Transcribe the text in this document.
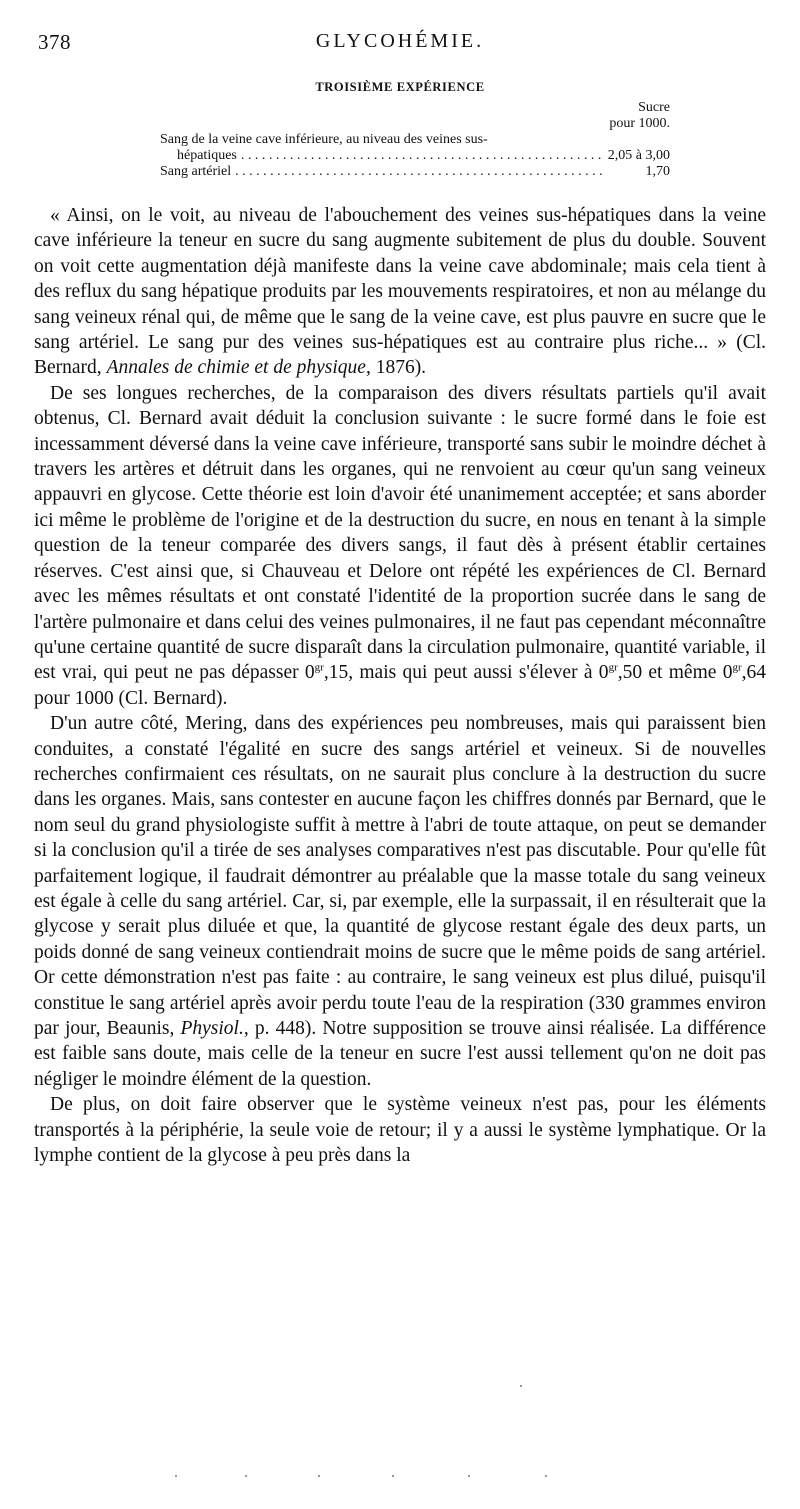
378	GLYCOHÉMIE.
TROISIÈME EXPÉRIENCE
Sucre
pour 1000.
Sang de la veine cave inférieure, au niveau des veines sus-
hépatiques . . .	2,05 à 3,00
Sang artériel . . .	1,70

« Ainsi, on le voit, au niveau de l'abouchement des veines sus-hépatiques dans la veine cave inférieure la teneur en sucre du sang augmente subitement de plus du double. Souvent on voit cette augmentation déjà manifeste dans la veine cave abdominale; mais cela tient à des reflux du sang hépatique produits par les mouvements respiratoires, et non au mélange du sang veineux rénal qui, de même que le sang de la veine cave, est plus pauvre en sucre que le sang artériel. Le sang pur des veines sus-hépatiques est au contraire plus riche... » (Cl. Bernard, Annales de chimie et de physique, 1876).

De ses longues recherches, de la comparaison des divers résultats partiels qu'il avait obtenus, Cl. Bernard avait déduit la conclusion suivante : le sucre formé dans le foie est incessamment déversé dans la veine cave inférieure, transporté sans subir le moindre déchet à travers les artères et détruit dans les organes, qui ne renvoient au cœur qu'un sang veineux appauvri en glycose. Cette théorie est loin d'avoir été unanimement acceptée; et sans aborder ici même le problème de l'origine et de la destruction du sucre, en nous en tenant à la simple question de la teneur comparée des divers sangs, il faut dès à présent établir certaines réserves. C'est ainsi que, si Chauveau et Delore ont répété les expériences de Cl. Bernard avec les mêmes résultats et ont constaté l'identité de la proportion sucrée dans le sang de l'artère pulmonaire et dans celui des veines pulmonaires, il ne faut pas cependant méconnaître qu'une certaine quantité de sucre disparaît dans la circulation pulmonaire, quantité variable, il est vrai, qui peut ne pas dépasser $0^{gr},15$, mais qui peut aussi s'élever à $0^{gr},50$ et même $0^{gr},64$ pour 1000 (Cl. Bernard).

D'un autre côté, Mering, dans des expériences peu nombreuses, mais qui paraissent bien conduites, a constaté l'égalité en sucre des sangs artériel et veineux. Si de nouvelles recherches confirmaient ces résultats, on ne saurait plus conclure à la destruction du sucre dans les organes. Mais, sans contester en aucune façon les chiffres donnés par Bernard, que le nom seul du grand physiologiste suffit à mettre à l'abri de toute attaque, on peut se demander si la conclusion qu'il a tirée de ses analyses comparatives n'est pas discutable. Pour qu'elle fût parfaitement logique, il faudrait démontrer au préalable que la masse totale du sang veineux est égale à celle du sang artériel. Car, si, par exemple, elle la surpassait, il en résulterait que la glycose y serait plus diluée et que, la quantité de glycose restant égale des deux parts, un poids donné de sang veineux contiendrait moins de sucre que le même poids de sang artériel. Or cette démonstration n'est pas faite : au contraire, le sang veineux est plus dilué, puisqu'il constitue le sang artériel après avoir perdu toute l'eau de la respiration (330 grammes environ par jour, Beaunis, Physiol., p. 448). Notre supposition se trouve ainsi réalisée. La différence est faible sans doute, mais celle de la teneur en sucre l'est aussi tellement qu'on ne doit pas négliger le moindre élément de la question.

De plus, on doit faire observer que le système veineux n'est pas, pour les éléments transportés à la périphérie, la seule voie de retour; il y a aussi le système lymphatique. Or la lymphe contient de la glycose à peu près dans la
